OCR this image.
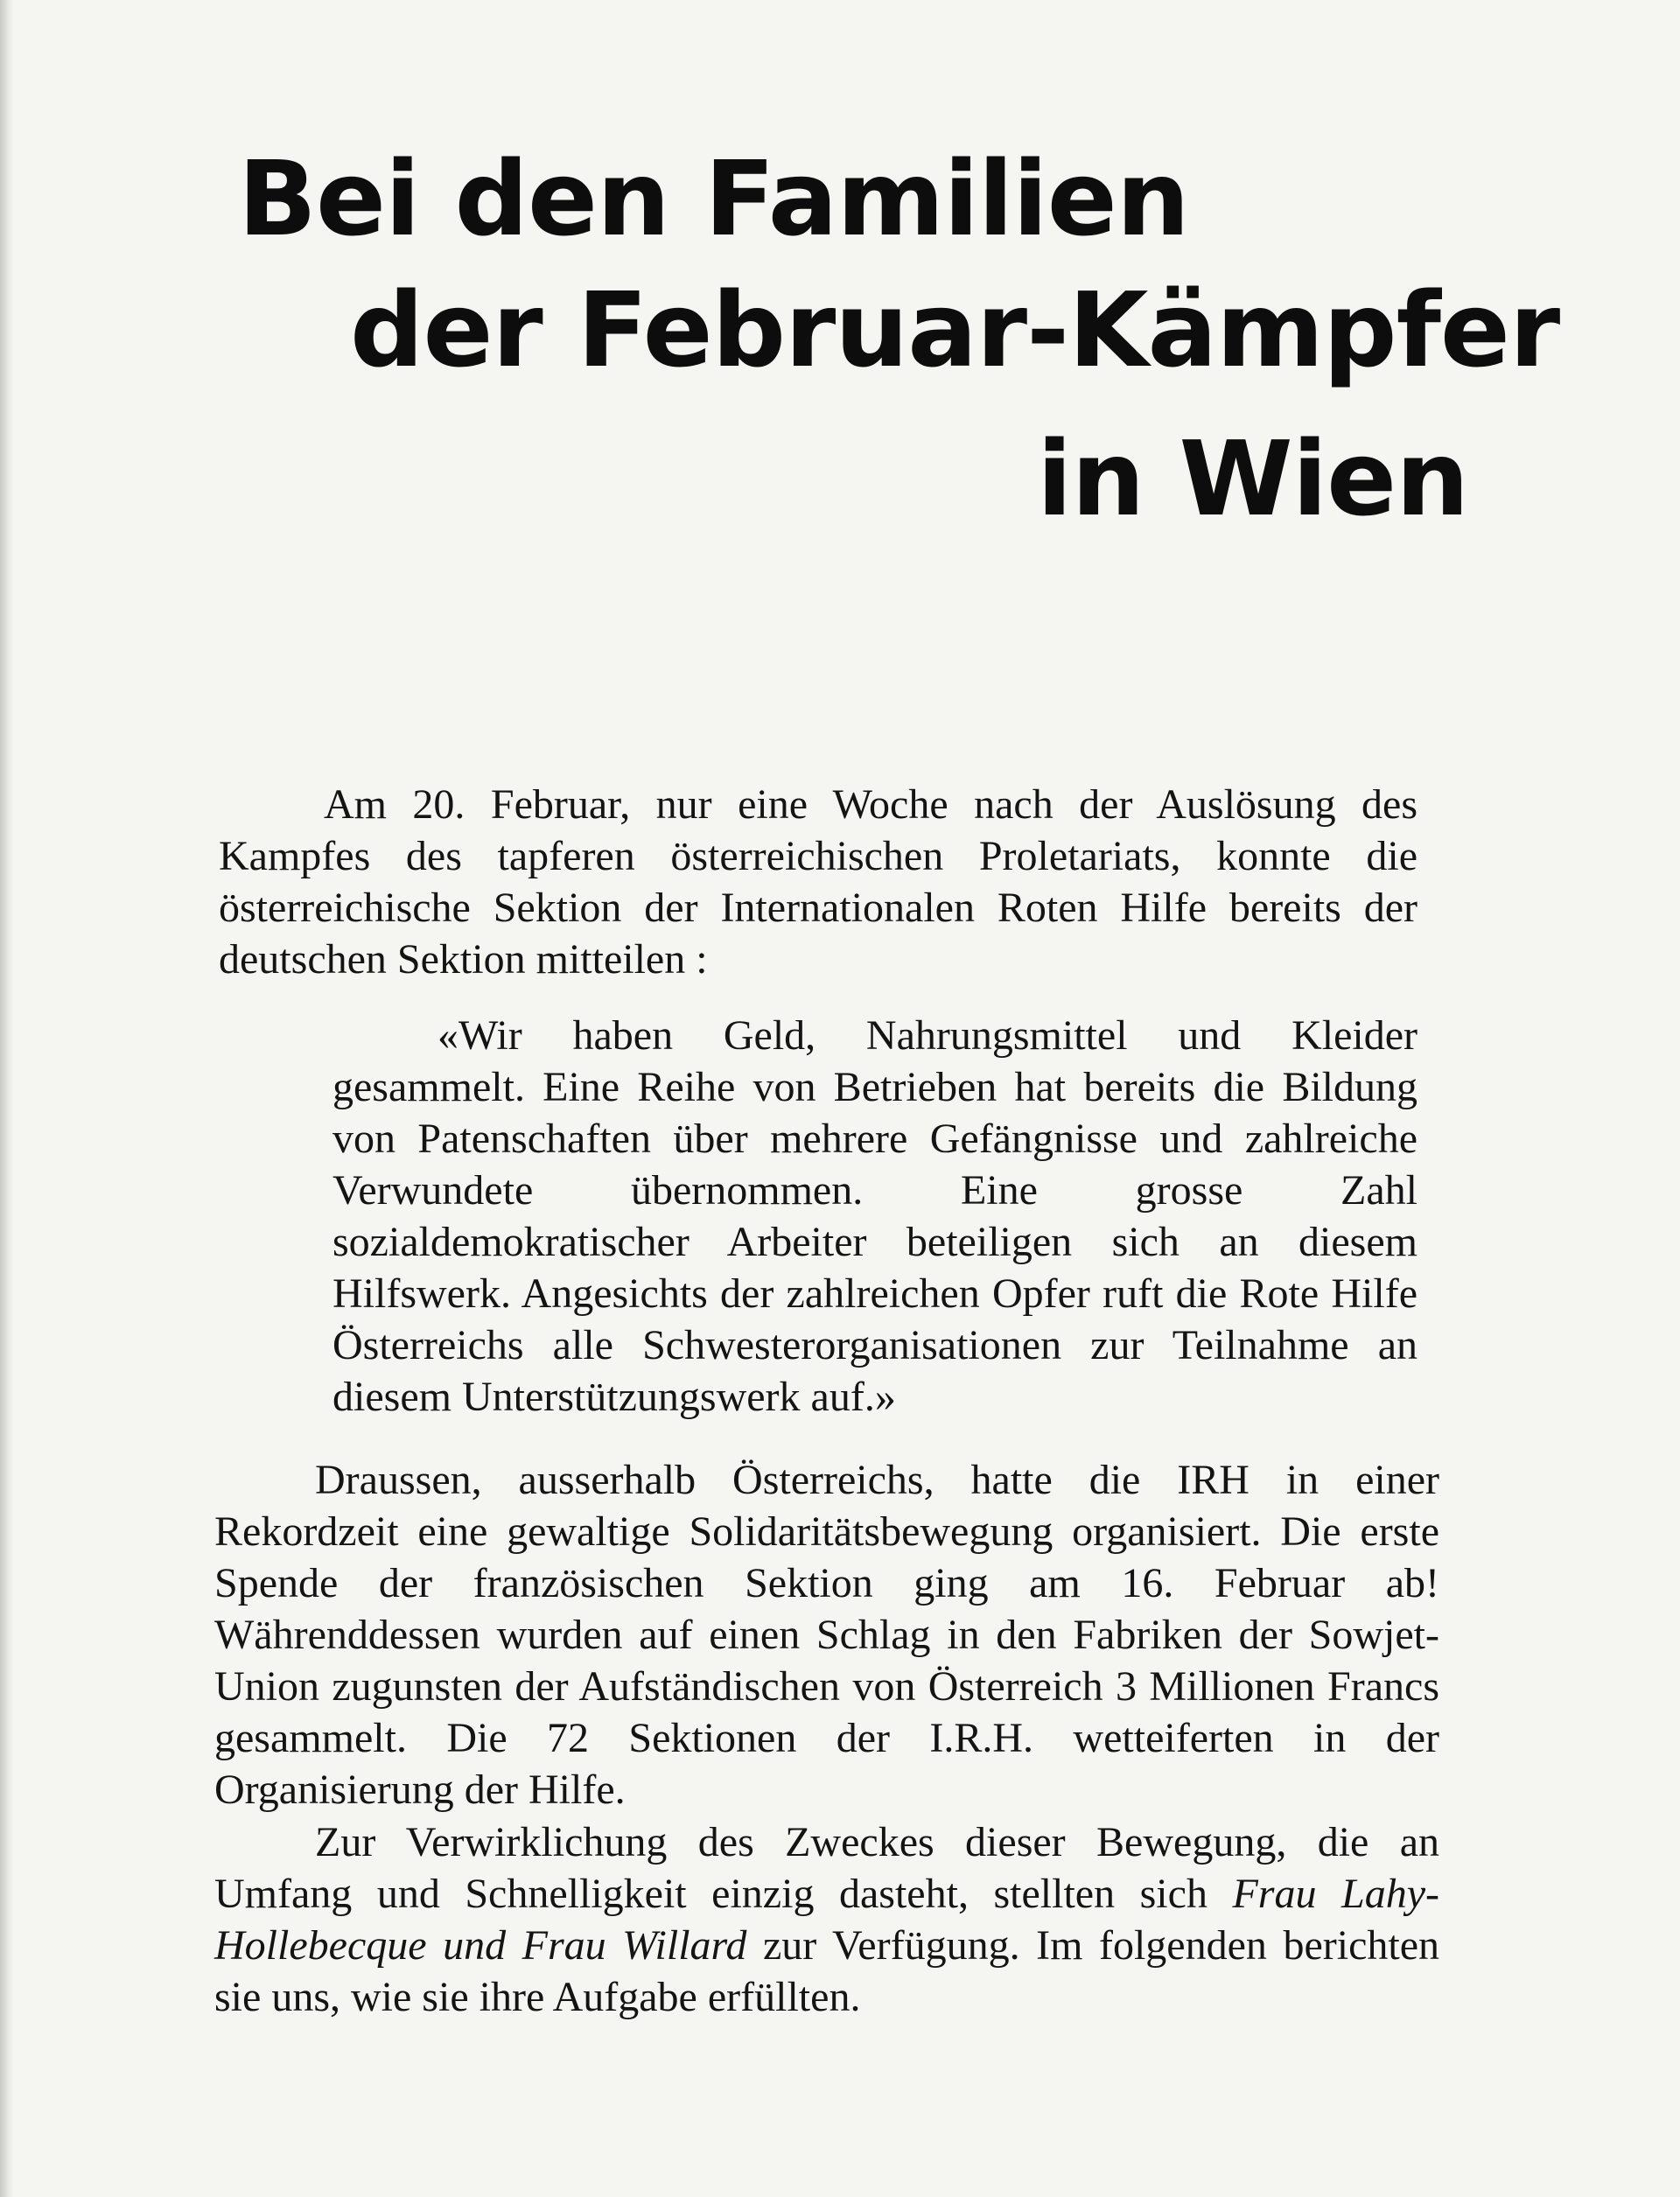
Bei den Familien
der Februar-Kämpfer
in Wien

Am 20. Februar, nur eine Woche nach der Auslösung des Kampfes des tapferen österreichischen Proletariats, konnte die österreichische Sektion der Internationalen Roten Hilfe bereits der deutschen Sektion mitteilen :

«Wir haben Geld, Nahrungsmittel und Kleider gesammelt. Eine Reihe von Betrieben hat bereits die Bildung von Patenschaften über mehrere Gefängnisse und zahlreiche Verwundete übernommen. Eine grosse Zahl sozialdemokratischer Arbeiter beteiligen sich an diesem Hilfswerk. Angesichts der zahlreichen Opfer ruft die Rote Hilfe Österreichs alle Schwesterorganisationen zur Teilnahme an diesem Unterstützungswerk auf.»

Draussen, ausserhalb Österreichs, hatte die IRH in einer Rekordzeit eine gewaltige Solidaritätsbewegung organisiert. Die erste Spende der französischen Sektion ging am 16. Februar ab! Währenddessen wurden auf einen Schlag in den Fabriken der Sowjet-Union zugunsten der Aufständischen von Österreich 3 Millionen Francs gesammelt. Die 72 Sektionen der I.R.H. wetteiferten in der Organisierung der Hilfe.

Zur Verwirklichung des Zweckes dieser Bewegung, die an Umfang und Schnelligkeit einzig dasteht, stellten sich Frau Lahy-Hollebecque und Frau Willard zur Verfügung. Im folgenden berichten sie uns, wie sie ihre Aufgabe erfüllten.
